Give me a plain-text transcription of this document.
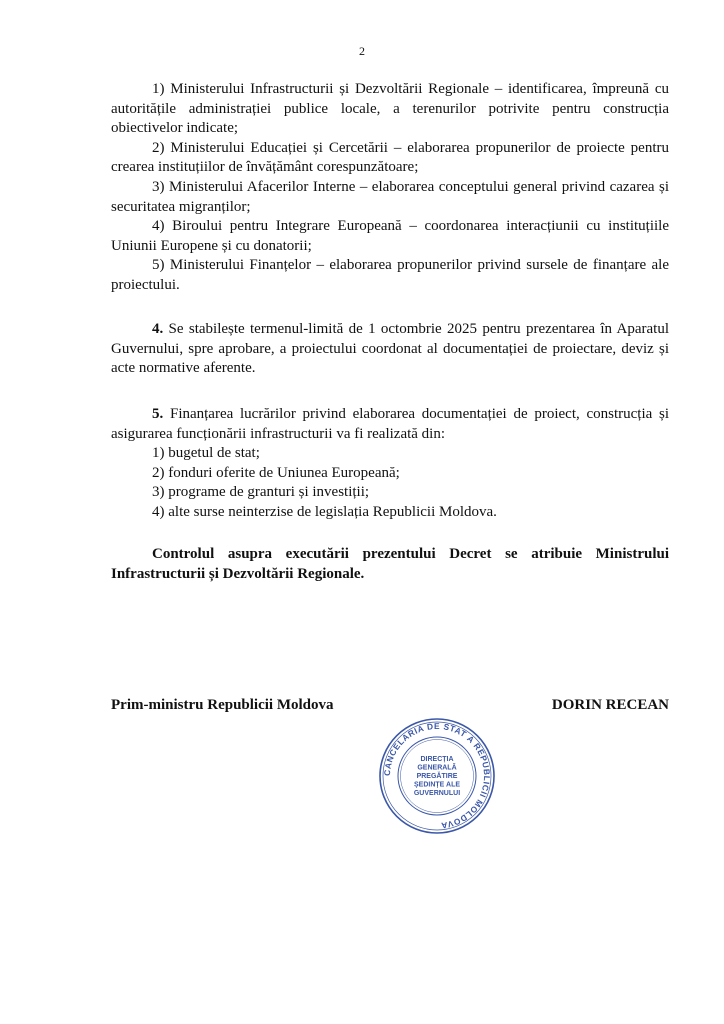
2

1) Ministerului Infrastructurii și Dezvoltării Regionale – identificarea, împreună cu autoritățile administrației publice locale, a terenurilor potrivite pentru construcția obiectivelor indicate;

2) Ministerului Educației și Cercetării – elaborarea propunerilor de proiecte pentru crearea instituțiilor de învățământ corespunzătoare;

3) Ministerului Afacerilor Interne – elaborarea conceptului general privind cazarea și securitatea migranților;

4) Biroului pentru Integrare Europeană – coordonarea interacțiunii cu instituțiile Uniunii Europene și cu donatorii;

5) Ministerului Finanțelor – elaborarea propunerilor privind sursele de finanțare ale proiectului.

4. Se stabilește termenul-limită de 1 octombrie 2025 pentru prezentarea în Aparatul Guvernului, spre aprobare, a proiectului coordonat al documentației de proiectare, deviz și acte normative aferente.

5. Finanțarea lucrărilor privind elaborarea documentației de proiect, construcția și asigurarea funcționării infrastructurii va fi realizată din:

1) bugetul de stat;

2) fonduri oferite de Uniunea Europeană;

3) programe de granturi și investiții;

4) alte surse neinterzise de legislația Republicii Moldova.

Controlul asupra executării prezentului Decret se atribuie Ministrului Infrastructurii și Dezvoltării Regionale.

Prim-ministru Republicii Moldova	DORIN RECEAN
CANCELARIA DE STAT A REPUBLICII MOLDOVA
DIRECȚIA
GENERALĂ
PREGĂTIRE
ȘEDINȚE ALE
GUVERNULUI
